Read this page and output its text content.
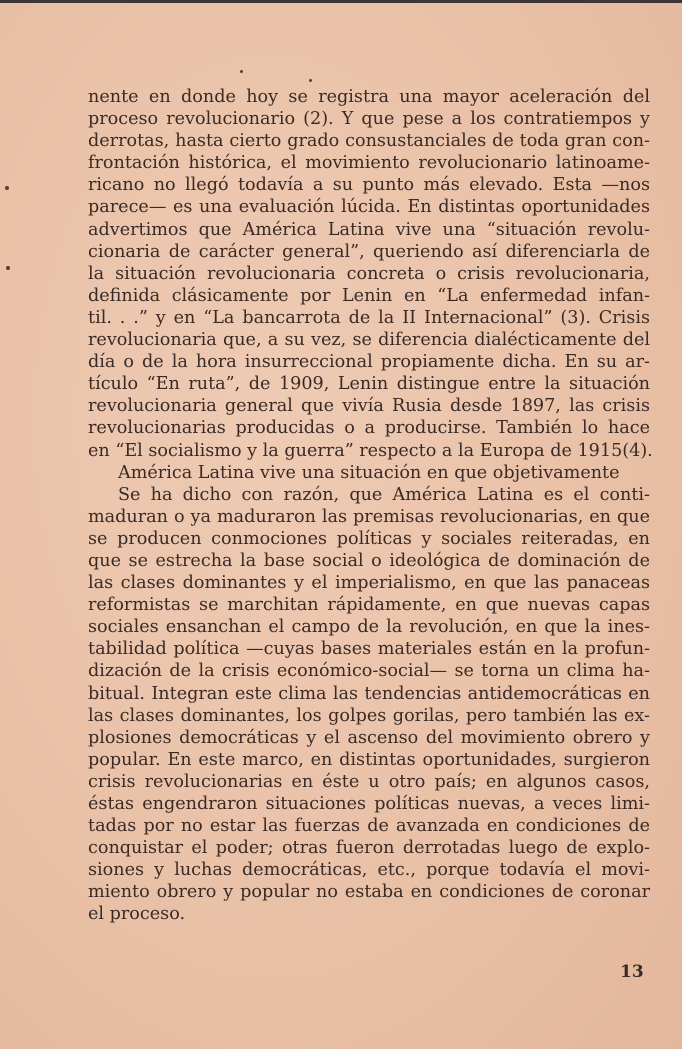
nente en donde hoy se registra una mayor aceleración del
proceso revolucionario (2). Y que pese a los contratiempos y
derrotas, hasta cierto grado consustanciales de toda gran con-
frontación histórica, el movimiento revolucionario latinoame-
ricano no llegó todavía a su punto más elevado. Esta —nos
parece— es una evaluación lúcida. En distintas oportunidades
advertimos que América Latina vive una “situación revolu-
cionaria de carácter general”, queriendo así diferenciarla de
la situación revolucionaria concreta o crisis revolucionaria,
definida clásicamente por Lenin en “La enfermedad infan-
til. . .” y en “La bancarrota de la II Internacional” (3). Crisis
revolucionaria que, a su vez, se diferencia dialécticamente del
día o de la hora insurreccional propiamente dicha. En su ar-
tículo “En ruta”, de 1909, Lenin distingue entre la situación
revolucionaria general que vivía Rusia desde 1897, las crisis
revolucionarias producidas o a producirse. También lo hace
en “El socialismo y la guerra” respecto a la Europa de 1915(4).
América Latina vive una situación en que objetivamente
Se ha dicho con razón, que América Latina es el conti-
maduran o ya maduraron las premisas revolucionarias, en que
se producen conmociones políticas y sociales reiteradas, en
que se estrecha la base social o ideológica de dominación de
las clases dominantes y el imperialismo, en que las panaceas
reformistas se marchitan rápidamente, en que nuevas capas
sociales ensanchan el campo de la revolución, en que la ines-
tabilidad política —cuyas bases materiales están en la profun-
dización de la crisis económico-social— se torna un clima ha-
bitual. Integran este clima las tendencias antidemocráticas en
las clases dominantes, los golpes gorilas, pero también las ex-
plosiones democráticas y el ascenso del movimiento obrero y
popular. En este marco, en distintas oportunidades, surgieron
crisis revolucionarias en éste u otro país; en algunos casos,
éstas engendraron situaciones políticas nuevas, a veces limi-
tadas por no estar las fuerzas de avanzada en condiciones de
conquistar el poder; otras fueron derrotadas luego de explo-
siones y luchas democráticas, etc., porque todavía el movi-
miento obrero y popular no estaba en condiciones de coronar
el proceso.
13
